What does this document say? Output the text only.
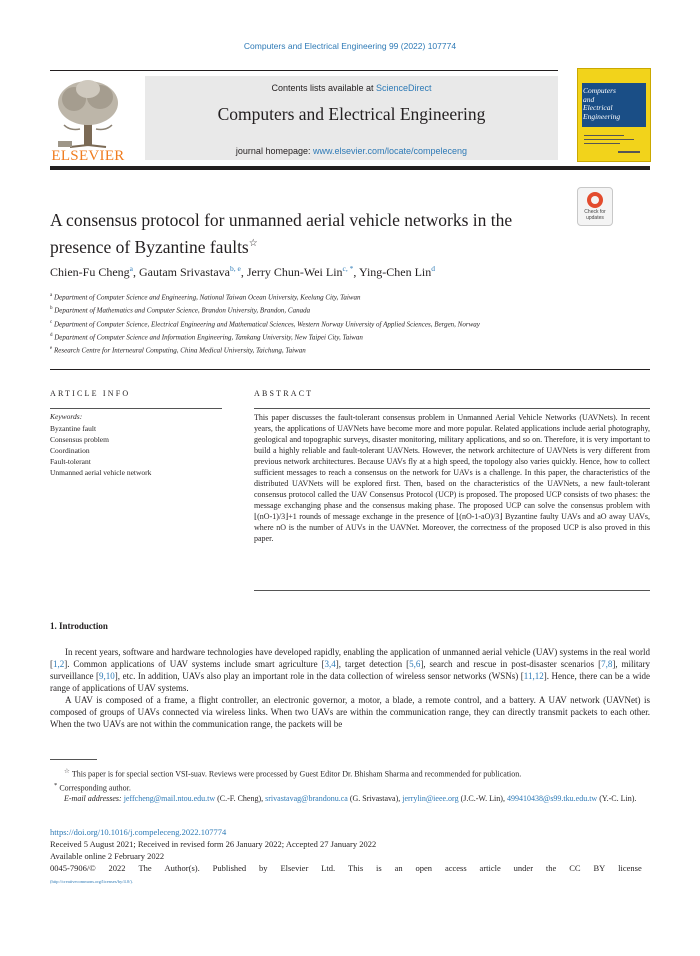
Computers and Electrical Engineering 99 (2022) 107774
ELSEVIER
Contents lists available at ScienceDirect
Computers and Electrical Engineering
journal homepage: www.elsevier.com/locate/compeleceng
Computers
and
Electrical Engineering
A consensus protocol for unmanned aerial vehicle networks in the
presence of Byzantine faults☆
Check for
updates
Chien-Fu Cheng$^a$, Gautam Srivastava$^{b, e}$, Jerry Chun-Wei Lin$^{c, *}$, Ying-Chen Lin$^d$

$^a$ Department of Computer Science and Engineering, National Taiwan Ocean University, Keelung City, Taiwan

$^b$ Department of Mathematics and Computer Science, Brandon University, Brandon, Canada

$^c$ Department of Computer Science, Electrical Engineering and Mathematical Sciences, Western Norway University of Applied Sciences, Bergen, Norway

$^d$ Department of Computer Science and Information Engineering, Tamkang University, New Taipei City, Taiwan

$^e$ Research Centre for Interneural Computing, China Medical University, Taichung, Taiwan

ARTICLE INFO
Keywords:
Byzantine fault
Consensus problem
Coordination
Fault-tolerant
Unmanned aerial vehicle network
ABSTRACT
This paper discusses the fault-tolerant consensus problem in Unmanned Aerial Vehicle Networks (UAVNets). In recent years, the applications of UAVNets have become more and more popular. Related applications include aerial photography, geological and topographic surveys, disaster monitoring, military applications, and so on. Therefore, it is very important to build a highly reliable and fault-tolerant UAVNets. However, the network architecture of UAVNets is very different from previous network architectures. Because UAVs fly at a high speed, the topology also varies quickly. Hence, how to collect sufficient messages to reach a consensus on the network for UAVs is a challenge. In this paper, the characteristics of the distributed UAVNets will be explored first. Then, based on the characteristics of the UAVNets, a new fault-tolerant consensus protocol called the UAV Consensus Protocol (UCP) is proposed. The proposed UCP consists of two phases: the message exchanging phase and the consensus making phase. The proposed UCP can solve the consensus problem with ⌊(nO-1)/3⌋+1 rounds of message exchange in the presence of ⌊(nO-1-aO)/3⌋ Byzantine faulty UAVs and aO away UAVs, where nO is the number of AUVs in the UAVNet. Moreover, the correctness of the proposed UCP is also proved in this paper.
1. Introduction

In recent years, software and hardware technologies have developed rapidly, enabling the application of unmanned aerial vehicle (UAV) systems in the real world [1,2]. Common applications of UAV systems include smart agriculture [3,4], target detection [5,6], search and rescue in post-disaster scenarios [7,8], military surveillance [9,10], etc. In addition, UAVs also play an important role in the data collection of wireless sensor networks (WSNs) [11,12]. Hence, there can be a wide range of applications of UAV systems.

A UAV is composed of a frame, a flight controller, an electronic governor, a motor, a blade, a remote control, and a battery. A UAV network (UAVNet) is composed of groups of UAVs connected via wireless links. When two UAVs are within the communication range, they can directly transmit packets to each other. When the two UAVs are not within the communication range, the packets will be

☆ This paper is for special section VSI-suav. Reviews were processed by Guest Editor Dr. Bhisham Sharma and recommended for publication.

* Corresponding author.

E-mail addresses: jeffcheng@mail.ntou.edu.tw (C.-F. Cheng), srivastavag@brandonu.ca (G. Srivastava), jerrylin@ieee.org (J.C.-W. Lin), 499410438@s99.tku.edu.tw (Y.-C. Lin).

https://doi.org/10.1016/j.compeleceng.2022.107774
Received 5 August 2021; Received in revised form 26 January 2022; Accepted 27 January 2022
Available online 2 February 2022
0045-7906/© 2022 The Author(s). Published by Elsevier Ltd. This is an open access article under the CC BY license
(http://creativecommons.org/licenses/by/4.0/).
